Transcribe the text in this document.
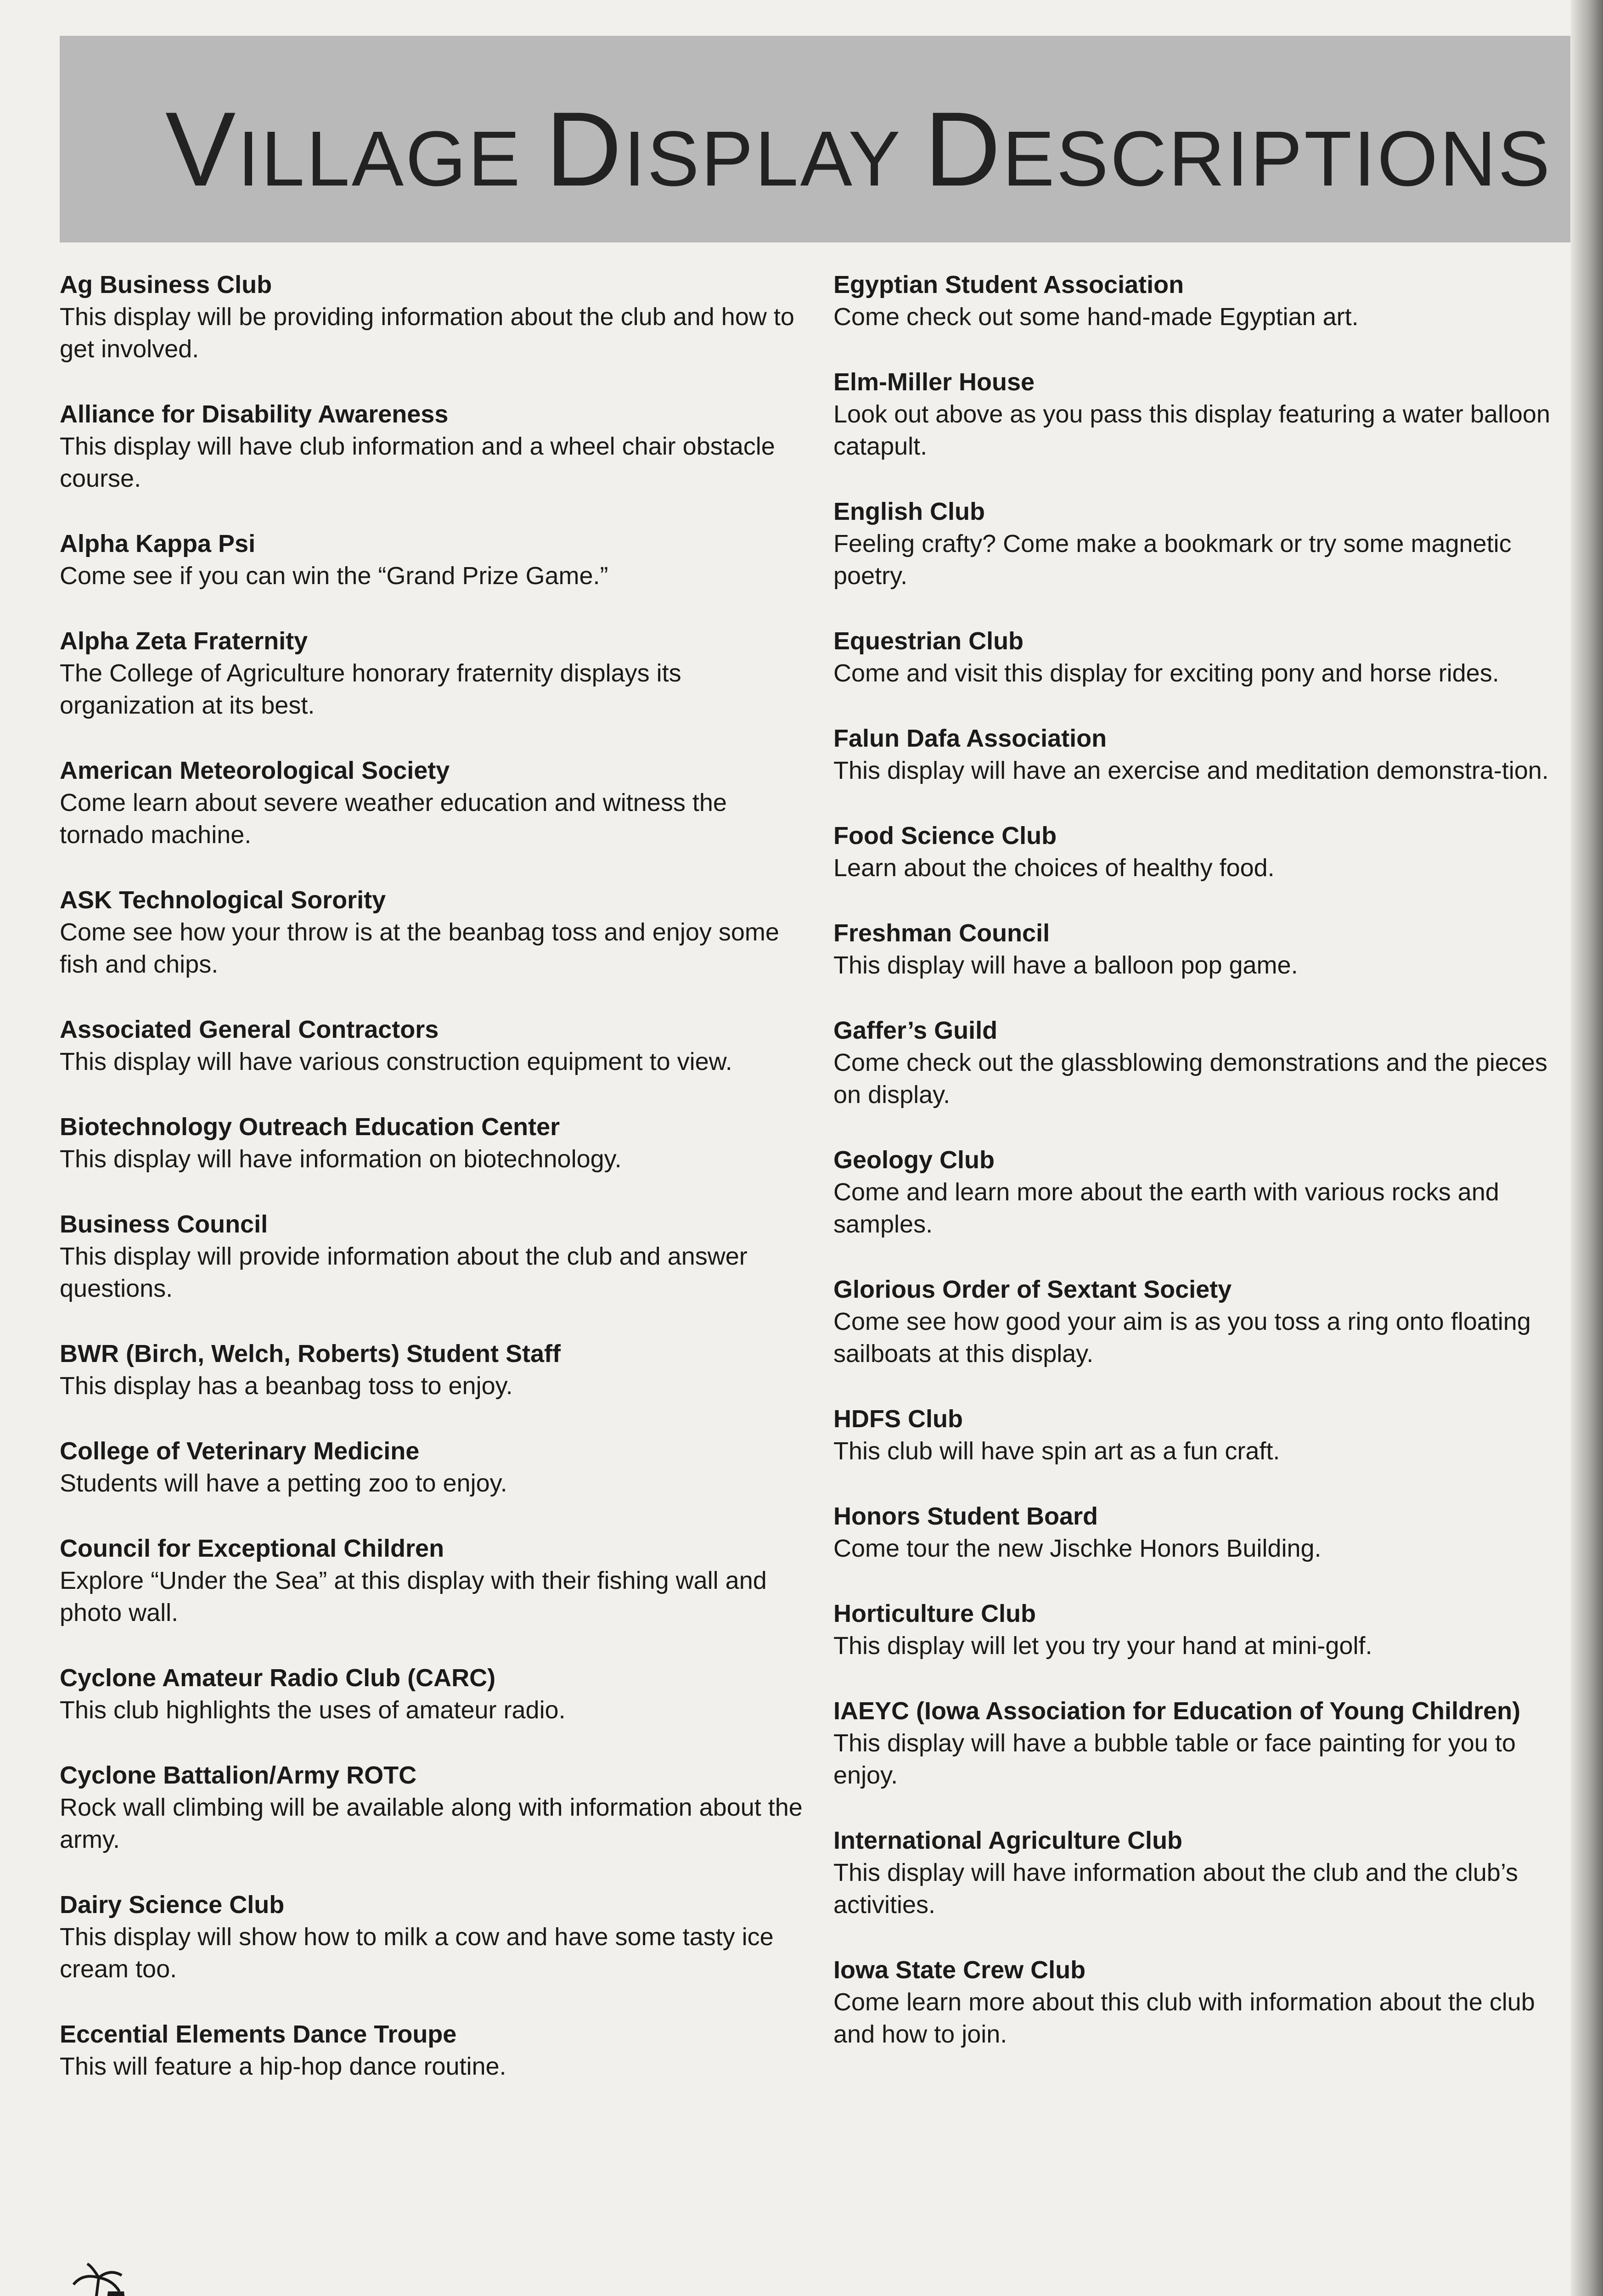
VILLAGE DISPLAY DESCRIPTIONS
Ag Business Club
This display will be providing information about the club and how to get involved.
Alliance for Disability Awareness
This display will have club information and a wheel chair obstacle course.
Alpha Kappa Psi
Come see if you can win the “Grand Prize Game.”
Alpha Zeta Fraternity
The College of Agriculture honorary fraternity displays its organization at its best.
American Meteorological Society
Come learn about severe weather education and witness the tornado machine.
ASK Technological Sorority
Come see how your throw is at the beanbag toss and enjoy some fish and chips.
Associated General Contractors
This display will have various construction equipment to view.
Biotechnology Outreach Education Center
This display will have information on biotechnology.
Business Council
This display will provide information about the club and answer questions.
BWR (Birch, Welch, Roberts) Student Staff
This display has a beanbag toss to enjoy.
College of Veterinary Medicine
Students will have a petting zoo to enjoy.
Council for Exceptional Children
Explore “Under the Sea” at this display with their fishing wall and photo wall.
Cyclone Amateur Radio Club (CARC)
This club highlights the uses of amateur radio.
Cyclone Battalion/Army ROTC
Rock wall climbing will be available along with information about the army.
Dairy Science Club
This display will show how to milk a cow and have some tasty ice cream too.
Eccential Elements Dance Troupe
This will feature a hip-hop dance routine.
Egyptian Student Association
Come check out some hand-made Egyptian art.
Elm-Miller House
Look out above as you pass this display featuring a water balloon catapult.
English Club
Feeling crafty? Come make a bookmark or try some magnetic poetry.
Equestrian Club
Come and visit this display for exciting pony and horse rides.
Falun Dafa Association
This display will have an exercise and meditation demonstra-tion.
Food Science Club
Learn about the choices of healthy food.
Freshman Council
This display will have a balloon pop game.
Gaffer’s Guild
Come check out the glassblowing demonstrations and the pieces on display.
Geology Club
Come and learn more about the earth with various rocks and samples.
Glorious Order of Sextant Society
Come see how good your aim is as you toss a ring onto floating sailboats at this display.
HDFS Club
This club will have spin art as a fun craft.
Honors Student Board
Come tour the new Jischke Honors Building.
Horticulture Club
This display will let you try your hand at mini-golf.
IAEYC (Iowa Association for Education of Young Children)
This display will have a bubble table or face painting for you to enjoy.
International Agriculture Club
This display will have information about the club and the club’s activities.
Iowa State Crew Club
Come learn more about this club with information about the club and how to join.
